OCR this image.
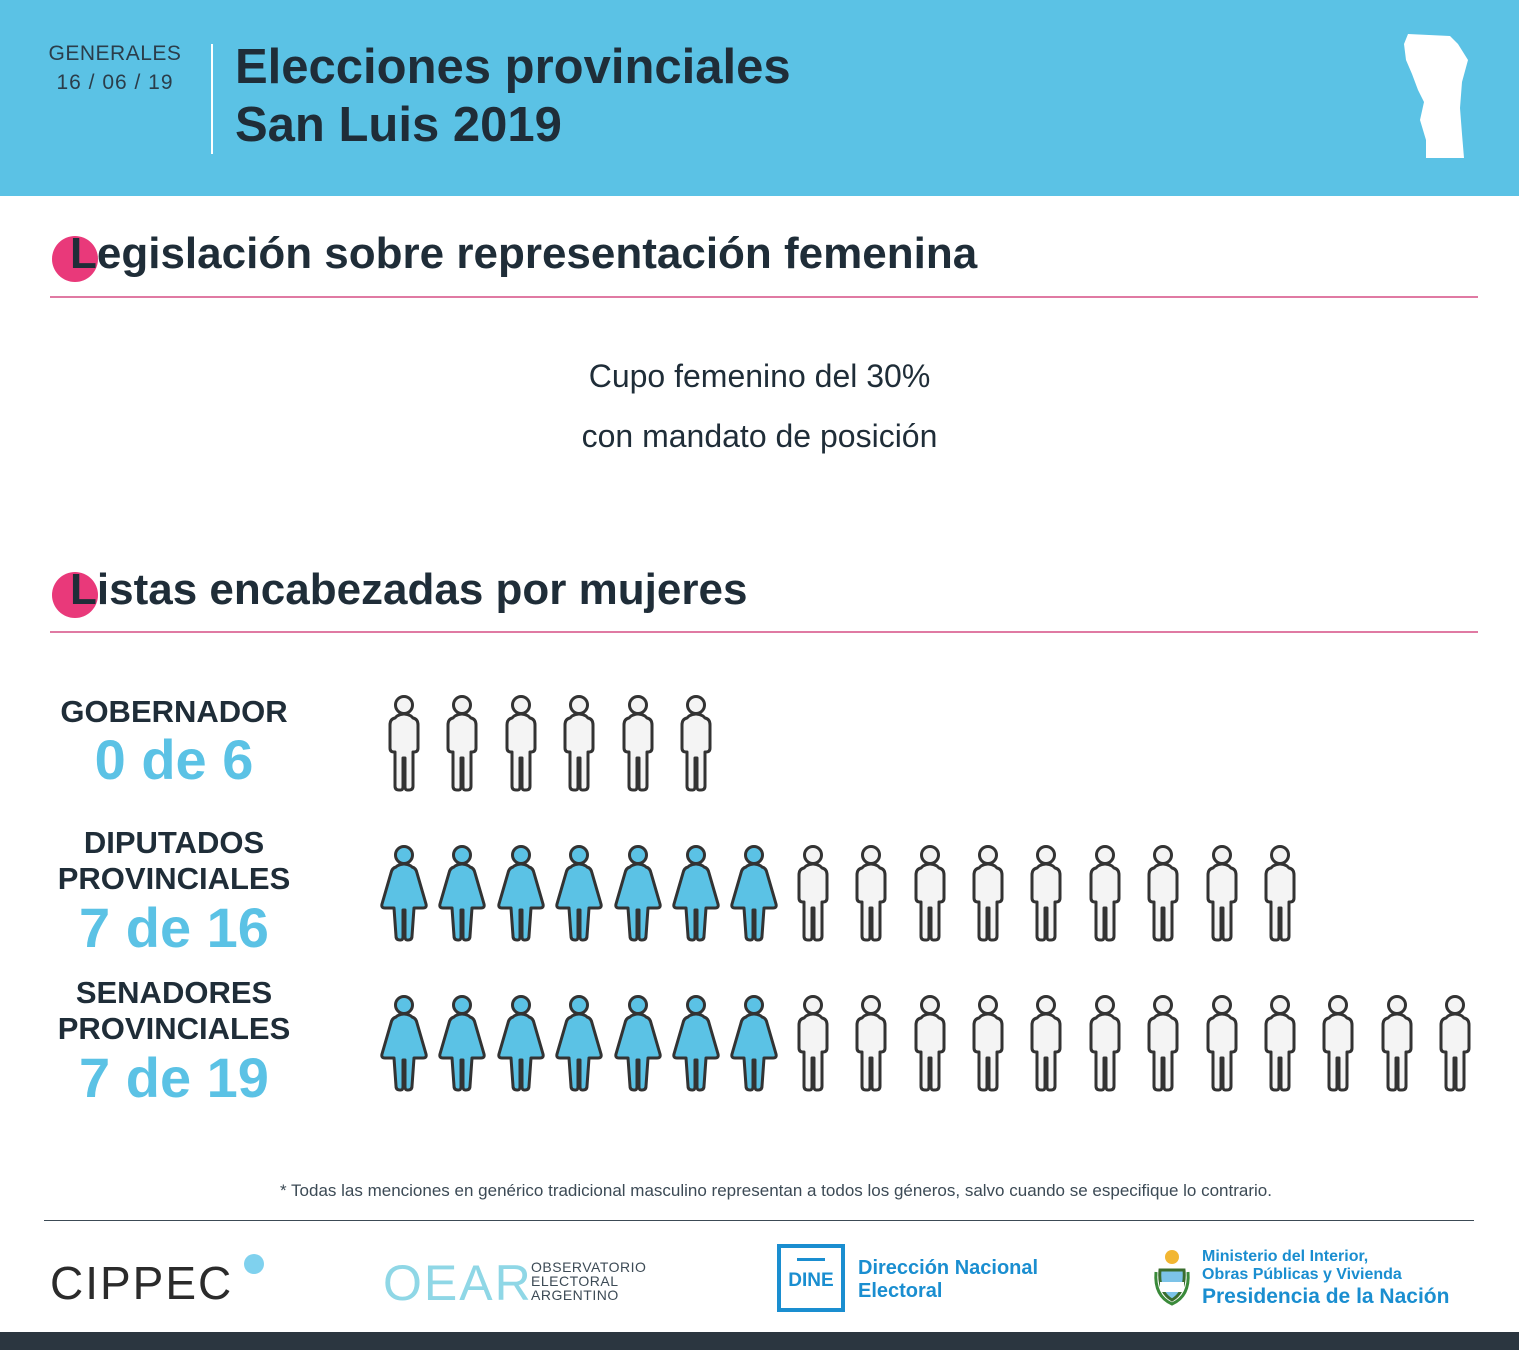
GENERALES
16 / 06 / 19 Elecciones provinciales
San Luis 2019
Legislación sobre representación femenina
Cupo femenino del 30%
con mandato de posición
Listas encabezadas por mujeres
GOBERNADOR
0 de 6
DIPUTADOS
PROVINCIALES
7 de 16
SENADORES
PROVINCIALES
7 de 19
* Todas las menciones en genérico tradicional masculino representan a todos los géneros, salvo cuando se especifique lo contrario.
CIPPEC	OEAR
OBSERVATORIO
ELECTORAL
ARGENTINO
DINE
Dirección Nacional
Electoral
Ministerio del Interior,
Obras Públicas y Vivienda
Presidencia de la Nación
